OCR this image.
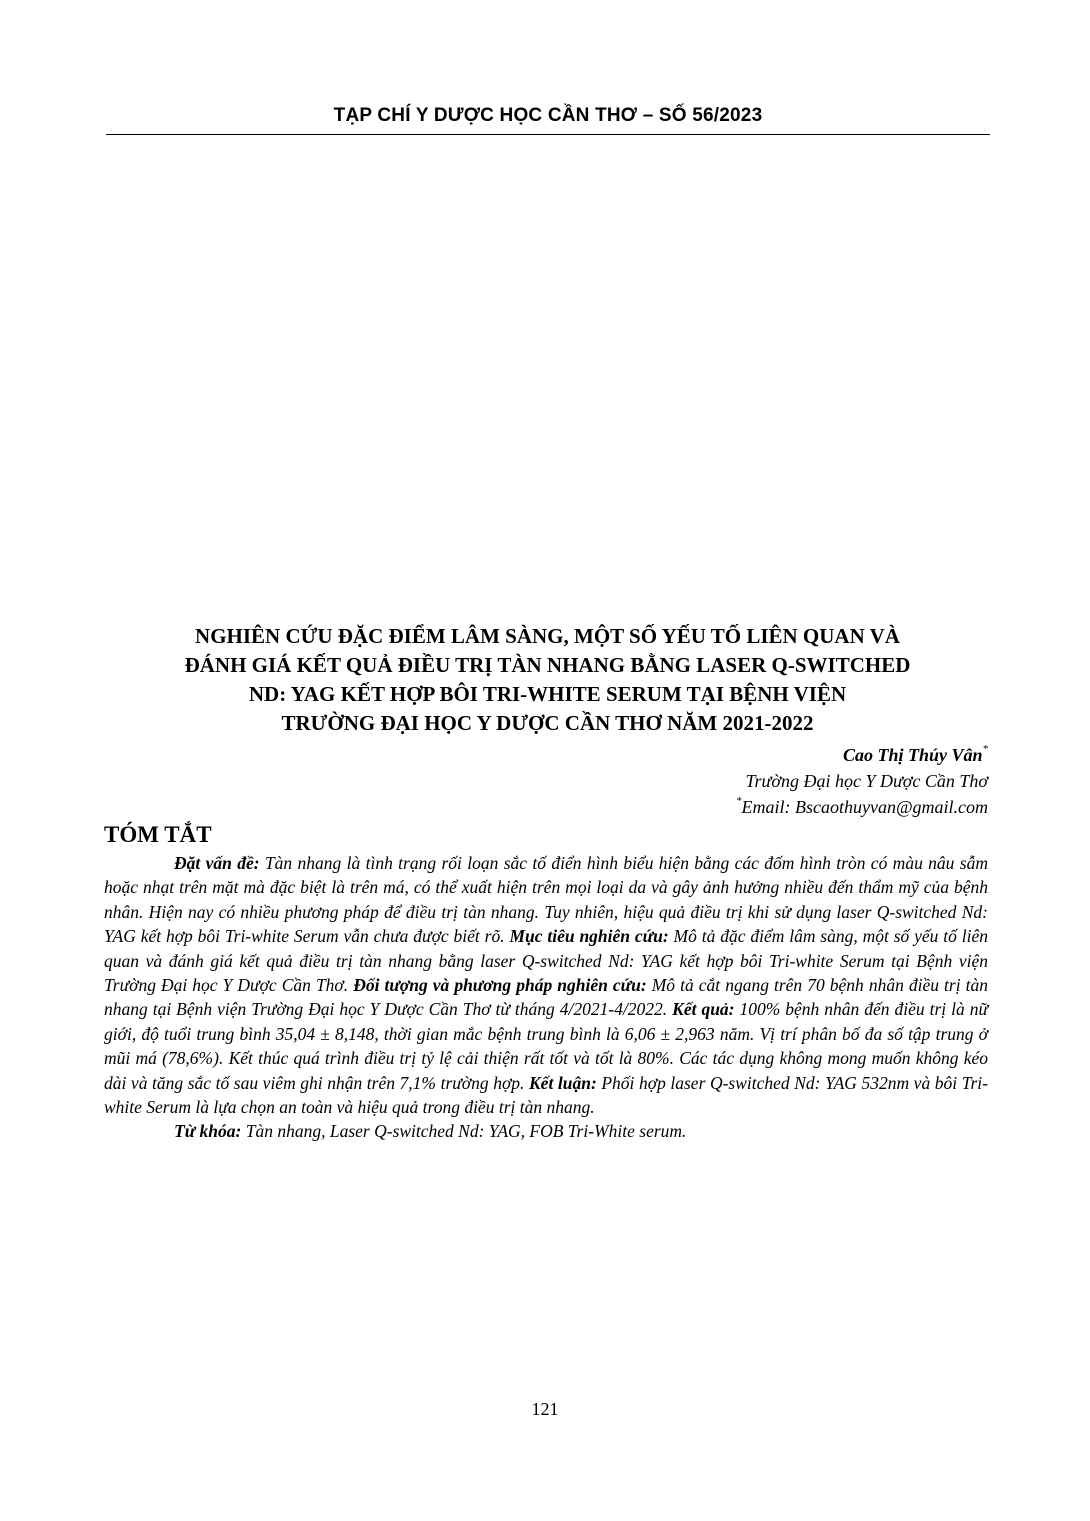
TẠP CHÍ Y DƯỢC HỌC CẦN THƠ – SỐ 56/2023
NGHIÊN CỨU ĐẶC ĐIỂM LÂM SÀNG, MỘT SỐ YẾU TỐ LIÊN QUAN VÀ
ĐÁNH GIÁ KẾT QUẢ ĐIỀU TRỊ TÀN NHANG BẰNG LASER Q-SWITCHED
ND: YAG KẾT HỢP BÔI TRI-WHITE SERUM TẠI BỆNH VIỆN
TRƯỜNG ĐẠI HỌC Y DƯỢC CẦN THƠ NĂM 2021-2022
Cao Thị Thúy Vân*
Trường Đại học Y Dược Cần Thơ
*Email: Bscaothuyvan@gmail.com
TÓM TẮT

Đặt vấn đề: Tàn nhang là tình trạng rối loạn sắc tố điển hình biểu hiện bằng các đốm hình tròn có màu nâu sẫm hoặc nhạt trên mặt mà đặc biệt là trên má, có thể xuất hiện trên mọi loại da và gây ảnh hưởng nhiều đến thẩm mỹ của bệnh nhân. Hiện nay có nhiều phương pháp để điều trị tàn nhang. Tuy nhiên, hiệu quả điều trị khi sử dụng laser Q-switched Nd: YAG kết hợp bôi Tri-white Serum vẫn chưa được biết rõ. Mục tiêu nghiên cứu: Mô tả đặc điểm lâm sàng, một số yếu tố liên quan và đánh giá kết quả điều trị tàn nhang bằng laser Q-switched Nd: YAG kết hợp bôi Tri-white Serum tại Bệnh viện Trường Đại học Y Dược Cần Thơ. Đối tượng và phương pháp nghiên cứu: Mô tả cắt ngang trên 70 bệnh nhân điều trị tàn nhang tại Bệnh viện Trường Đại học Y Dược Cần Thơ từ tháng 4/2021-4/2022. Kết quả: 100% bệnh nhân đến điều trị là nữ giới, độ tuổi trung bình 35,04 ± 8,148, thời gian mắc bệnh trung bình là 6,06 ± 2,963 năm. Vị trí phân bố đa số tập trung ở mũi má (78,6%). Kết thúc quá trình điều trị tỷ lệ cải thiện rất tốt và tốt là 80%. Các tác dụng không mong muốn không kéo dài và tăng sắc tố sau viêm ghi nhận trên 7,1% trường hợp. Kết luận: Phối hợp laser Q-switched Nd: YAG 532nm và bôi Tri-white Serum là lựa chọn an toàn và hiệu quả trong điều trị tàn nhang.

Từ khóa: Tàn nhang, Laser Q-switched Nd: YAG, FOB Tri-White serum.

121
